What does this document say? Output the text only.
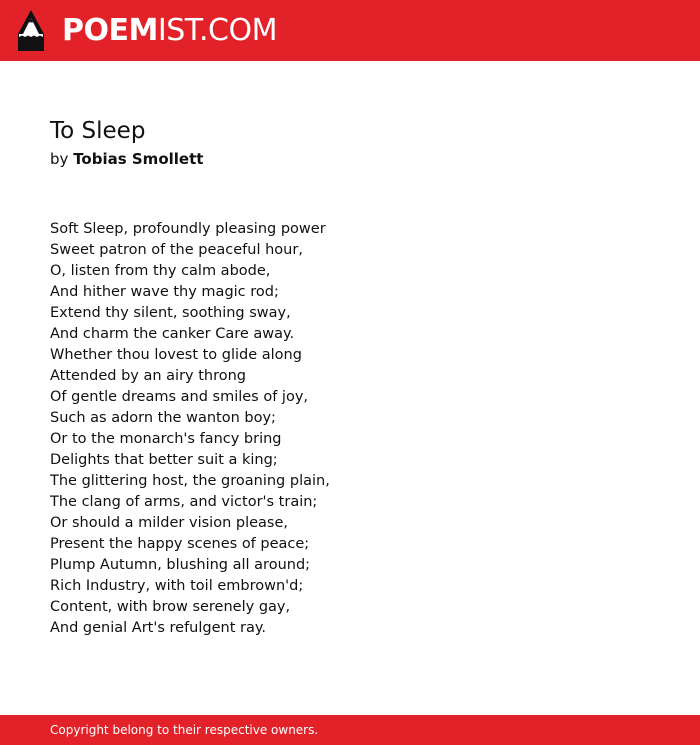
POEMIST.COM
To Sleep
by Tobias Smollett
Soft Sleep, profoundly pleasing power
Sweet patron of the peaceful hour,
O, listen from thy calm abode,
And hither wave thy magic rod;
Extend thy silent, soothing sway,
And charm the canker Care away.
Whether thou lovest to glide along
Attended by an airy throng
Of gentle dreams and smiles of joy,
Such as adorn the wanton boy;
Or to the monarch's fancy bring
Delights that better suit a king;
The glittering host, the groaning plain,
The clang of arms, and victor's train;
Or should a milder vision please,
Present the happy scenes of peace;
Plump Autumn, blushing all around;
Rich Industry, with toil embrown'd;
Content, with brow serenely gay,
And genial Art's refulgent ray.
Copyright belong to their respective owners.
